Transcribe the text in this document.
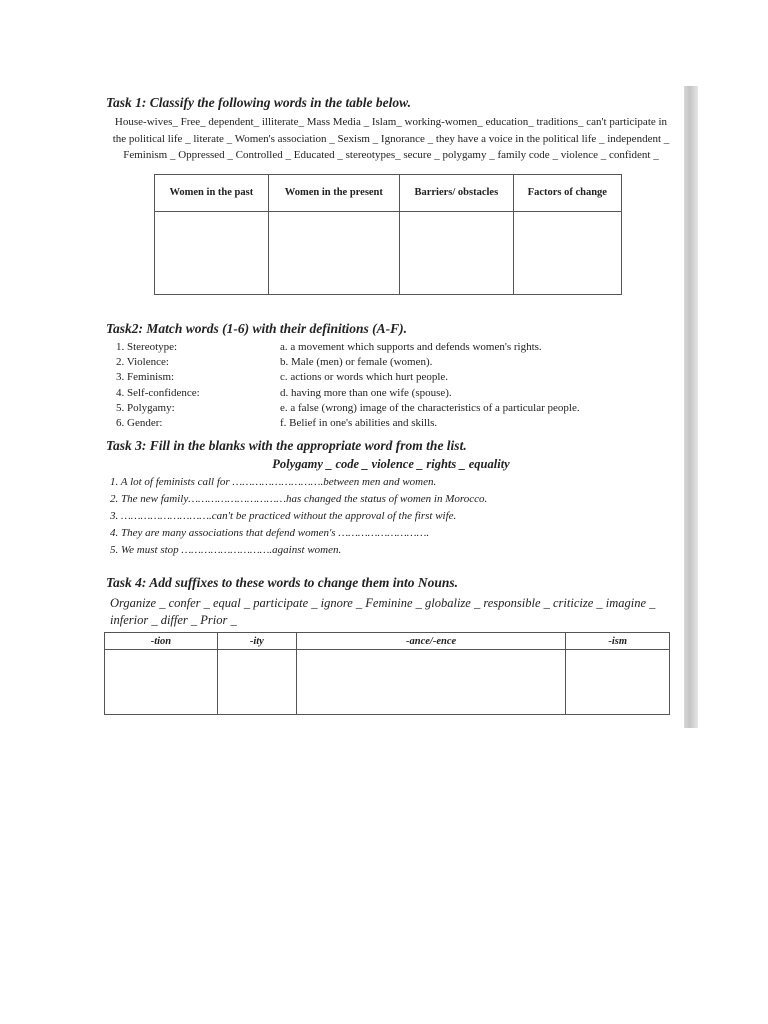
Task 1: Classify the following words in the table below.

House-wives_ Free_ dependent_ illiterate_ Mass Media _ Islam_ working-women_ education_ traditions_ can't participate in the political life _ literate _ Women's association _ Sexism _ Ignorance _ they have a voice in the political life _ independent _ Feminism _ Oppressed _ Controlled _ Educated _ stereotypes_ secure _ polygamy _ family code _ violence _ confident _

Women in the past	Women in the present	Barriers/ obstacles	Factors of change

Task2: Match words (1-6) with their definitions (A-F).

1. Stereotype:	a. a movement which supports and defends women's rights.
2. Violence:	b. Male (men) or female (women).
3. Feminism:	c. actions or words which hurt people.
4. Self-confidence:	d. having more than one wife (spouse).
5. Polygamy:	e. a false (wrong) image of the characteristics of a particular people.
6. Gender:	f. Belief in one's abilities and skills.

Task 3: Fill in the blanks with the appropriate word from the list.

Polygamy _ code _ violence _ rights _ equality

1. A lot of feminists call for ……………………….between men and women.
2. The new family…………………………has changed the status of women in Morocco.
3. ……………………….can't be practiced without the approval of the first wife.
4. They are many associations that defend women's ……………………….
5. We must stop ……………………….against women.

Task 4: Add suffixes to these words to change them into Nouns.

Organize _ confer _ equal _ participate _ ignore _ Feminine _ globalize _ responsible _ criticize _ imagine _ inferior _ differ _ Prior _

-tion	-ity	-ance/-ence	-ism
